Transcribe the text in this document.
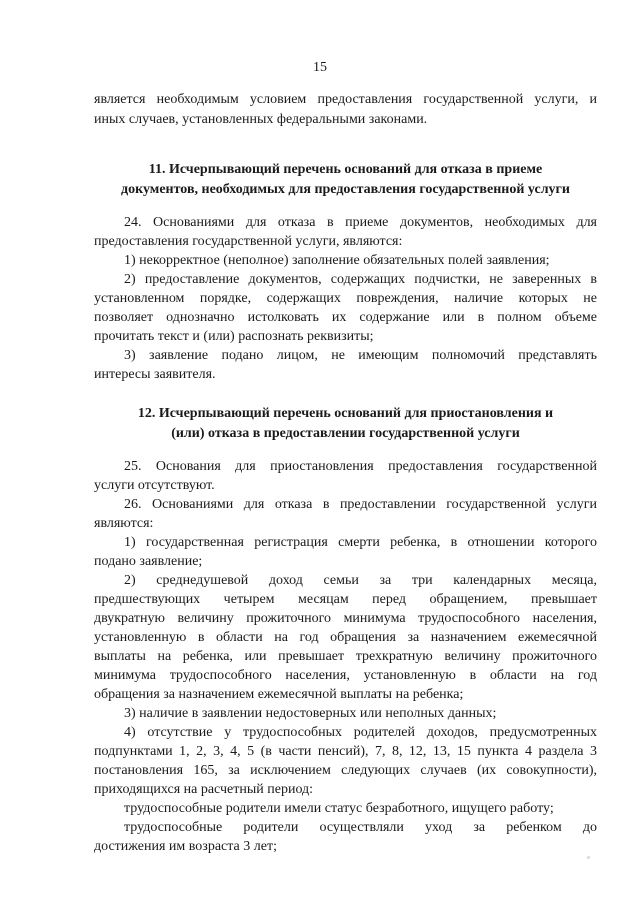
15
является необходимым условием предоставления государственной услуги, и
иных случаев, установленных федеральными законами.
11. Исчерпывающий перечень оснований для отказа в приеме
документов, необходимых для предоставления государственной услуги
24. Основаниями для отказа в приеме документов, необходимых для
предоставления государственной услуги, являются:
1) некорректное (неполное) заполнение обязательных полей заявления;
2) предоставление документов, содержащих подчистки, не заверенных в
установленном порядке, содержащих повреждения, наличие которых не
позволяет однозначно истолковать их содержание или в полном объеме
прочитать текст и (или) распознать реквизиты;
3) заявление подано лицом, не имеющим полномочий представлять
интересы заявителя.
12. Исчерпывающий перечень оснований для приостановления и
(или) отказа в предоставлении государственной услуги
25. Основания для приостановления предоставления государственной
услуги отсутствуют.
26. Основаниями для отказа в предоставлении государственной услуги
являются:
1) государственная регистрация смерти ребенка, в отношении которого
подано заявление;
2) среднедушевой доход семьи за три календарных месяца,
предшествующих четырем месяцам перед обращением, превышает
двукратную величину прожиточного минимума трудоспособного населения,
установленную в области на год обращения за назначением ежемесячной
выплаты на ребенка, или превышает трехкратную величину прожиточного
минимума трудоспособного населения, установленную в области на год
обращения за назначением ежемесячной выплаты на ребенка;
3) наличие в заявлении недостоверных или неполных данных;
4) отсутствие у трудоспособных родителей доходов, предусмотренных
подпунктами 1, 2, 3, 4, 5 (в части пенсий), 7, 8, 12, 13, 15 пункта 4 раздела 3
постановления 165, за исключением следующих случаев (их совокупности),
приходящихся на расчетный период:
трудоспособные родители имели статус безработного, ищущего работу;
трудоспособные родители осуществляли уход за ребенком до
достижения им возраста 3 лет;
